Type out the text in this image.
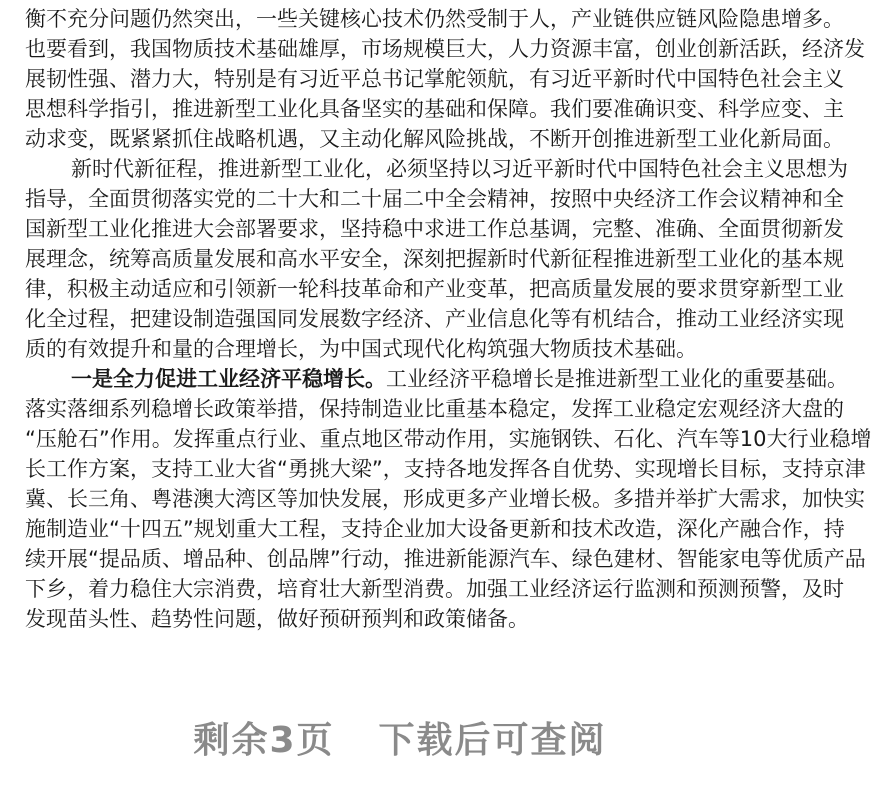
衡不充分问题仍然突出，一些关键核心技术仍然受制于人，产业链供应链风险隐患增多。
也要看到，我国物质技术基础雄厚，市场规模巨大，人力资源丰富，创业创新活跃，经济发
展韧性强、潜力大，特别是有习近平总书记掌舵领航，有习近平新时代中国特色社会主义
思想科学指引，推进新型工业化具备坚实的基础和保障。我们要准确识变、科学应变、主
动求变，既紧紧抓住战略机遇，又主动化解风险挑战，不断开创推进新型工业化新局面。
新时代新征程，推进新型工业化，必须坚持以习近平新时代中国特色社会主义思想为
指导，全面贯彻落实党的二十大和二十届二中全会精神，按照中央经济工作会议精神和全
国新型工业化推进大会部署要求，坚持稳中求进工作总基调，完整、准确、全面贯彻新发
展理念，统筹高质量发展和高水平安全，深刻把握新时代新征程推进新型工业化的基本规
律，积极主动适应和引领新一轮科技革命和产业变革，把高质量发展的要求贯穿新型工业
化全过程，把建设制造强国同发展数字经济、产业信息化等有机结合，推动工业经济实现
质的有效提升和量的合理增长，为中国式现代化构筑强大物质技术基础。
一是全力促进工业经济平稳增长。工业经济平稳增长是推进新型工业化的重要基础。
落实落细系列稳增长政策举措，保持制造业比重基本稳定，发挥工业稳定宏观经济大盘的
“压舱石”作用。发挥重点行业、重点地区带动作用，实施钢铁、石化、汽车等10大行业稳增
长工作方案，支持工业大省“勇挑大梁”，支持各地发挥各自优势、实现增长目标，支持京津
冀、长三角、粤港澳大湾区等加快发展，形成更多产业增长极。多措并举扩大需求，加快实
施制造业“十四五”规划重大工程，支持企业加大设备更新和技术改造，深化产融合作，持
续开展“提品质、增品种、创品牌”行动，推进新能源汽车、绿色建材、智能家电等优质产品
下乡，着力稳住大宗消费，培育壮大新型消费。加强工业经济运行监测和预测预警，及时
发现苗头性、趋势性问题，做好预研预判和政策储备。
剩余3页 下载后可查阅
